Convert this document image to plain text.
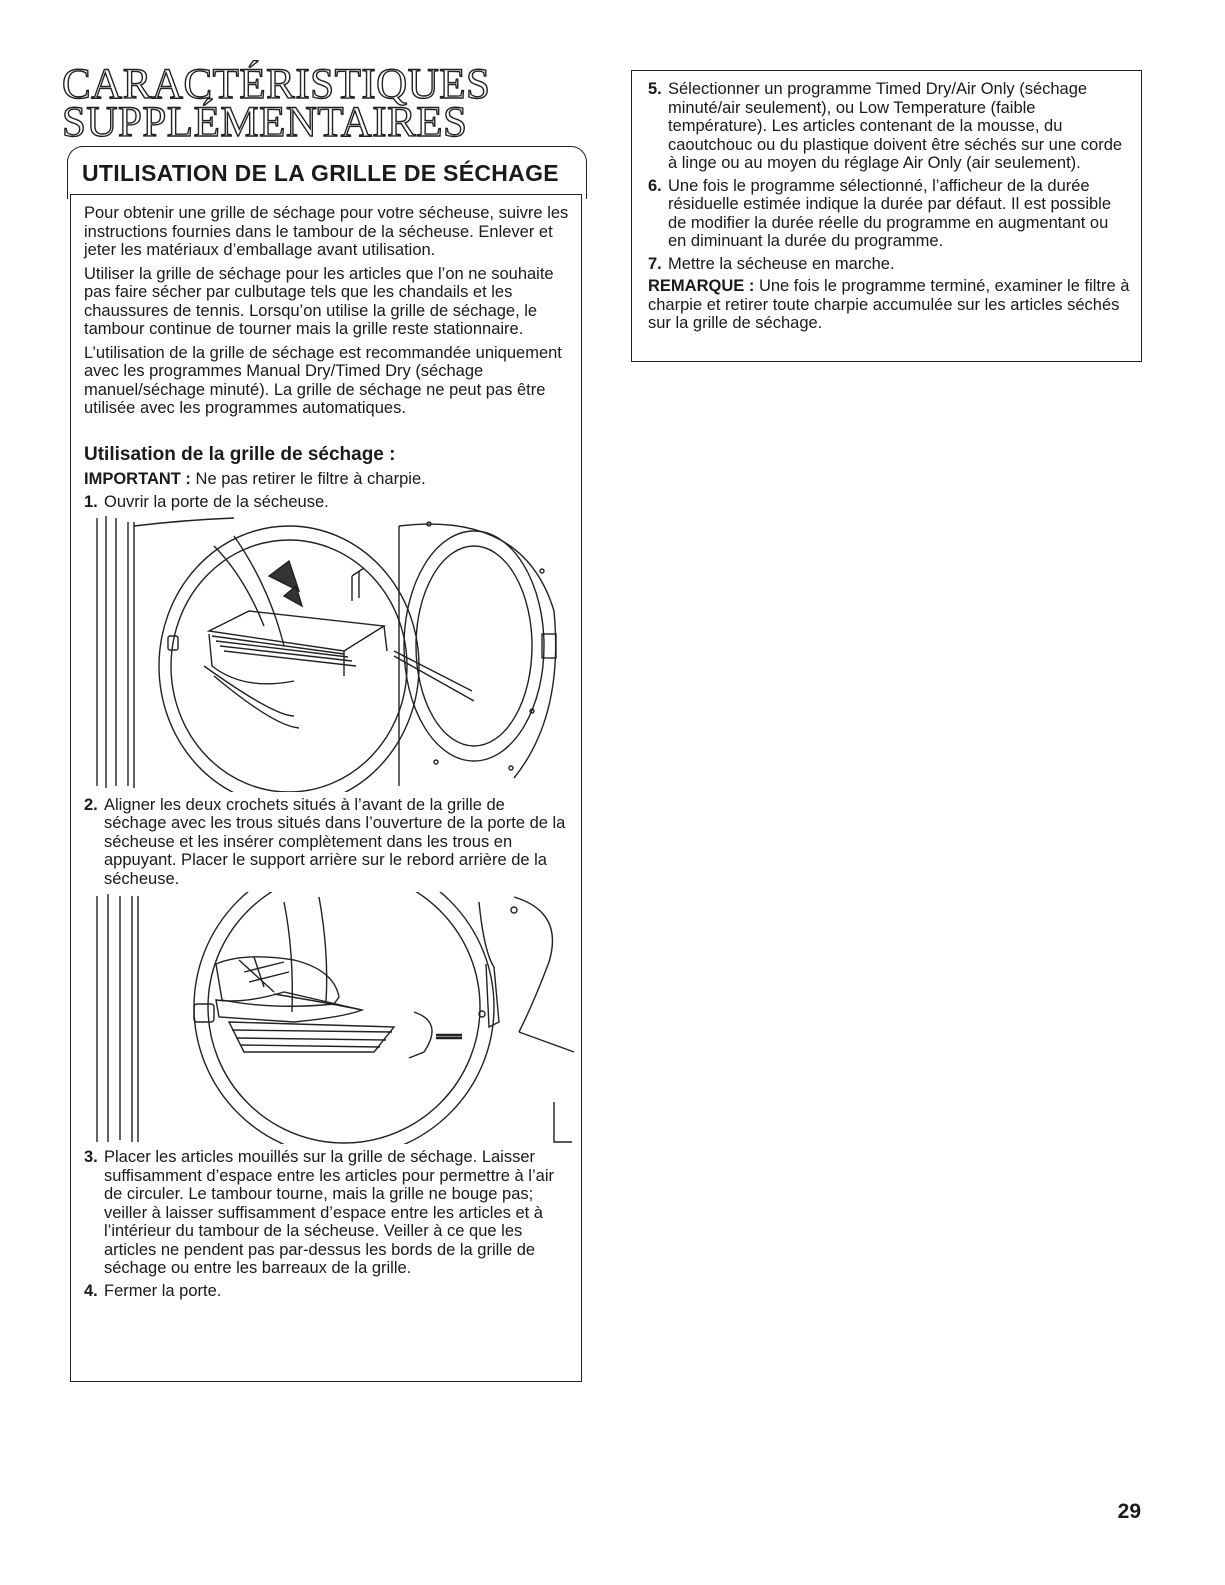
CARACTÉRISTIQUES
SUPPLÉMENTAIRES
UTILISATION DE LA GRILLE DE SÉCHAGE

Pour obtenir une grille de séchage pour votre sécheuse, suivre les instructions fournies dans le tambour de la sécheuse. Enlever et jeter les matériaux d’emballage avant utilisation.

Utiliser la grille de séchage pour les articles que l’on ne souhaite pas faire sécher par culbutage tels que les chandails et les chaussures de tennis. Lorsqu’on utilise la grille de séchage, le tambour continue de tourner mais la grille reste stationnaire.

L’utilisation de la grille de séchage est recommandée uniquement avec les programmes Manual Dry/Timed Dry (séchage manuel/séchage minuté). La grille de séchage ne peut pas être utilisée avec les programmes automatiques.

Utilisation de la grille de séchage :

IMPORTANT : Ne pas retirer le filtre à charpie.

1. Ouvrir la porte de la sécheuse.
2. Aligner les deux crochets situés à l’avant de la grille de séchage avec les trous situés dans l’ouverture de la porte de la sécheuse et les insérer complètement dans les trous en appuyant. Placer le support arrière sur le rebord arrière de la sécheuse.
3. Placer les articles mouillés sur la grille de séchage. Laisser suffisamment d’espace entre les articles pour permettre à l’air de circuler. Le tambour tourne, mais la grille ne bouge pas; veiller à laisser suffisamment d’espace entre les articles et à l’intérieur du tambour de la sécheuse. Veiller à ce que les articles ne pendent pas par-dessus les bords de la grille de séchage ou entre les barreaux de la grille.
4. Fermer la porte.
5. Sélectionner un programme Timed Dry/Air Only (séchage minuté/air seulement), ou Low Temperature (faible température). Les articles contenant de la mousse, du caoutchouc ou du plastique doivent être séchés sur une corde à linge ou au moyen du réglage Air Only (air seulement).
6. Une fois le programme sélectionné, l’afficheur de la durée résiduelle estimée indique la durée par défaut. Il est possible de modifier la durée réelle du programme en augmentant ou en diminuant la durée du programme.
7. Mettre la sécheuse en marche.

REMARQUE : Une fois le programme terminé, examiner le filtre à charpie et retirer toute charpie accumulée sur les articles séchés sur la grille de séchage.

29
